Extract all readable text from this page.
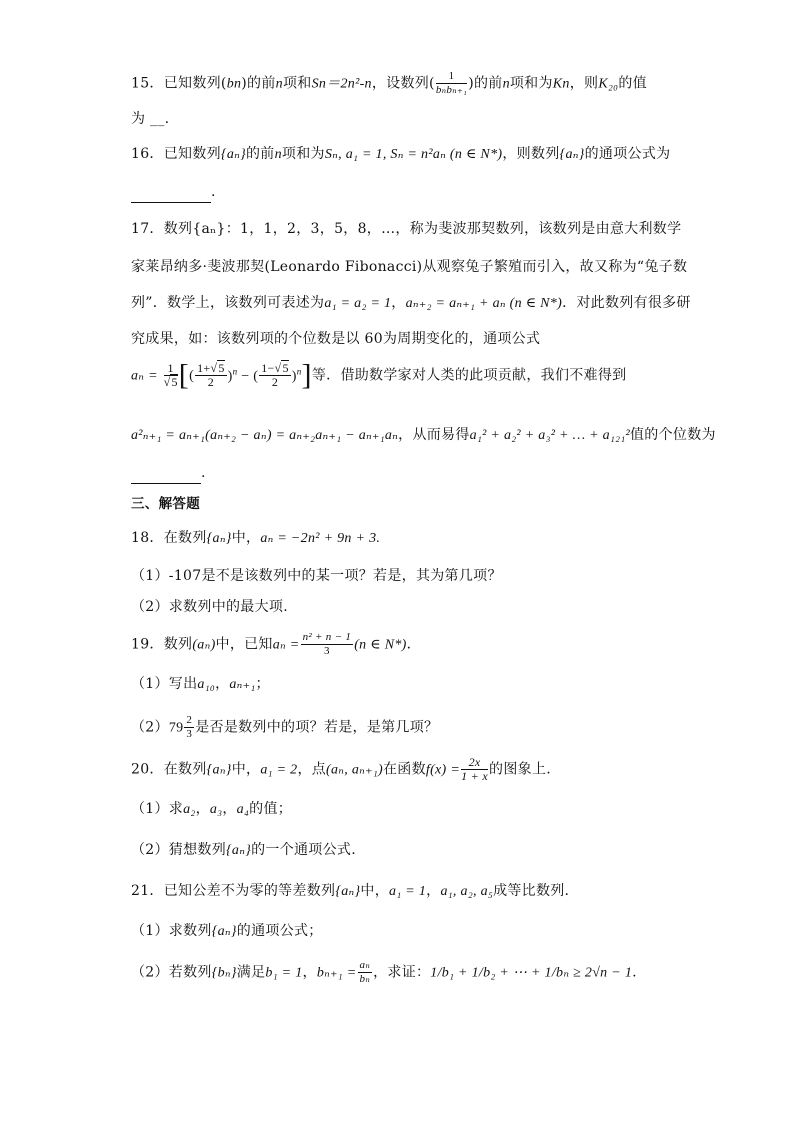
15．已知数列(bn)的前n项和Sn＝2n²-n，设数列( $\frac{1}{\text{bₙbₙ₊₁}}$ )的前n项和为Kn，则K₂₀的值
为 __.
16．已知数列{aₙ}的前n项和为Sₙ, a₁ = 1, Sₙ = n²aₙ (n ∈ N*)，则数列{aₙ}的通项公式为
.
17．数列{aₙ}：1，1，2，3，5，8，…，称为斐波那契数列，该数列是由意大利数学
家莱昂纳多·斐波那契(Leonardo Fibonacci)从观察兔子繁殖而引入，故又称为“兔子数
列”．数学上，该数列可表述为a₁ = a₂ = 1，aₙ₊₂ = aₙ₊₁ + aₙ (n ∈ N*)．对此数列有很多研
究成果，如：该数列项的个位数是以 60为周期变化的，通项公式
$a_n = \frac{1}{√5}$ [( $\frac{1+√5}{2} )^n$ − ( $\frac{1-√5}{2} )^n$]等．借助数学家对人类的此项贡献，我们不难得到
a²ₙ₊₁ = aₙ₊₁(aₙ₊₂ − aₙ) = aₙ₊₂aₙ₊₁ − aₙ₊₁aₙ，从而易得a₁² + a₂² + a₃² + … + a₁₂₁²值的个位数为
.
三、解答题
18．在数列{aₙ}中，aₙ = −2n² + 9n + 3.
（1）-107是不是该数列中的某一项？若是，其为第几项？
（2）求数列中的最大项.
19．数列(aₙ)中，已知$a_n = \frac{\text{n² + n − 1}}{3} (n$ ∈ N*)．
（1）写出a₁₀，aₙ₊₁；
$(2)79 \frac{2}{3}$ 是否是数列中的项？若是，是第几项？
20．在数列{aₙ}中，a₁ = 2，点(aₙ, aₙ₊₁)在函数$f(x) = \frac{2x}{1 + x}$ 的图象上.
（1）求a₂，a₃，a₄的值；
（2）猜想数列{aₙ}的一个通项公式.
21．已知公差不为零的等差数列{aₙ}中，a₁ = 1，a₁, a₂, a₅成等比数列.
（1）求数列{aₙ}的通项公式；
（2）若数列{bₙ}满足b₁ = 1，$b_{n+1} = \frac{\text{aₙ}}{\text{bₙ}}$ ，求证：1/b₁ + 1/b₂ + ⋯ + 1/bₙ ≥ 2√n − 1.
